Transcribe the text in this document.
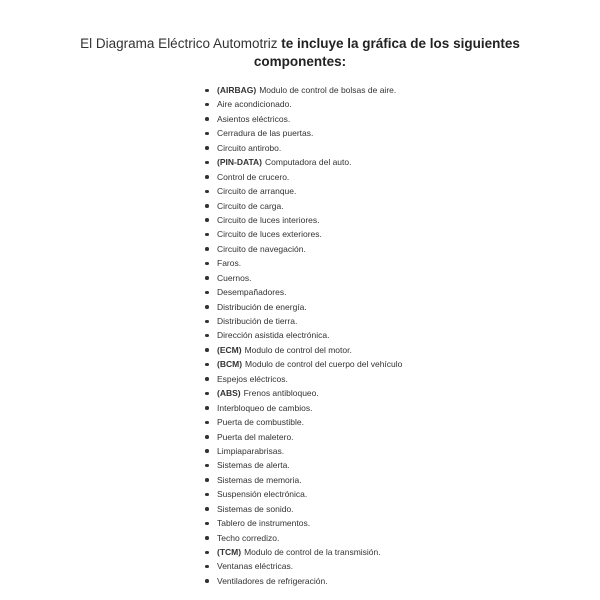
El Diagrama Eléctrico Automotriz te incluye la gráfica de los siguientes componentes:
(AIRBAG) Modulo de control de bolsas de aire.
Aire acondicionado.
Asientos eléctricos.
Cerradura de las puertas.
Circuito antirobo.
(PIN-DATA) Computadora del auto.
Control de crucero.
Circuito de arranque.
Circuito de carga.
Circuito de luces interiores.
Circuito de luces exteriores.
Circuito de navegación.
Faros.
Cuernos.
Desempañadores.
Distribución de energía.
Distribución de tierra.
Dirección asistida electrónica.
(ECM) Modulo de control del motor.
(BCM) Modulo de control del cuerpo del vehículo
Espejos eléctricos.
(ABS) Frenos antibloqueo.
Interbloqueo de cambios.
Puerta de combustible.
Puerta del maletero.
Limpiaparabrisas.
Sistemas de alerta.
Sistemas de memoria.
Suspensión electrónica.
Sistemas de sonido.
Tablero de instrumentos.
Techo corredizo.
(TCM) Modulo de control de la transmisión.
Ventanas eléctricas.
Ventiladores de refrigeración.
